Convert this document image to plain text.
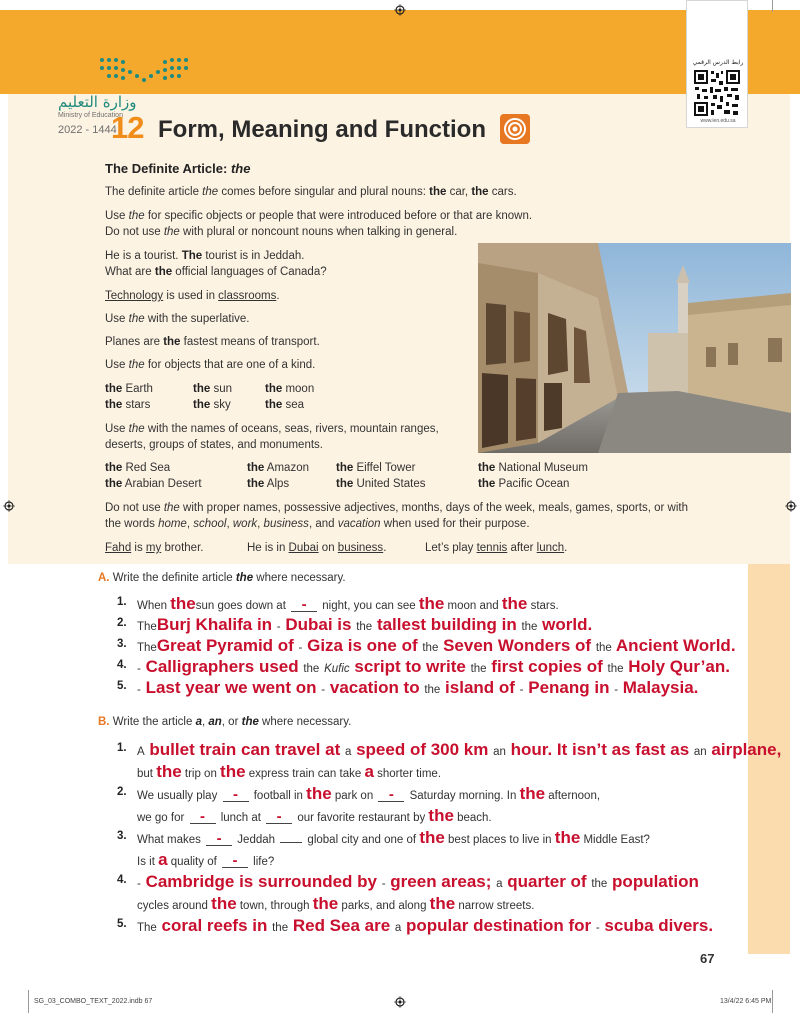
وزارة التعليم
Ministry of Education
2022 - 1444
12 Form, Meaning and Function
رابط الدرس الرقمي
www.ien.edu.sa
The Definite Article: the
The definite article the comes before singular and plural nouns: the car, the cars.
Use the for specific objects or people that were introduced before or that are known.
Do not use the with plural or noncount nouns when talking in general.
He is a tourist. The tourist is in Jeddah.
What are the official languages of Canada?
Technology is used in classrooms.
Use the with the superlative.
Planes are the fastest means of transport.
Use the for objects that are one of a kind.
the Earth	the sun	the moon
the stars	the sky	the sea
Use the with the names of oceans, seas, rivers, mountain ranges,
deserts, groups of states, and monuments.
the Red Sea	the Amazon the Eiffel Tower	the National Museum
the Arabian Desert	the Alps	the United States	the Pacific Ocean
Do not use the with proper names, possessive adjectives, months, days of the week, meals, games, sports, or with
the words home, school, work, business, and vacation when used for their purpose.
Fahd is my brother.	He is in Dubai on business.	Let’s play tennis after lunch.
A. Write the definite article the where necessary.
1. When thesun goes down at - night, you can see the moon and the stars.
2. TheBurj Khalifa in - Dubai is the tallest building in the world.
3. TheGreat Pyramid of - Giza is one of the Seven Wonders of the Ancient World.
4. - Calligraphers used the Kufic script to write the first copies of the Holy Qur’an.
5. - Last year we went on - vacation to the island of - Penang in - Malaysia.
B. Write the article a, an, or the where necessary.
1. A bullet train can travel at a speed of 300 km an hour. It isn’t as fast as an airplane,
but the trip on the express train can take a shorter time.
2. We usually play - football in the park on - Saturday morning. In the afternoon,
we go for - lunch at - our favorite restaurant by the beach.
3. What makes - Jeddah  global city and one of the best places to live in the Middle East?
Is it a quality of - life?
4. - Cambridge is surrounded by - green areas; a quarter of the population
cycles around the town, through the parks, and along the narrow streets.
5. The coral reefs in the Red Sea are a popular destination for - scuba divers.
67
SG_03_COMBO_TEXT_2022.indb 67	13/4/22 6:45 PM
